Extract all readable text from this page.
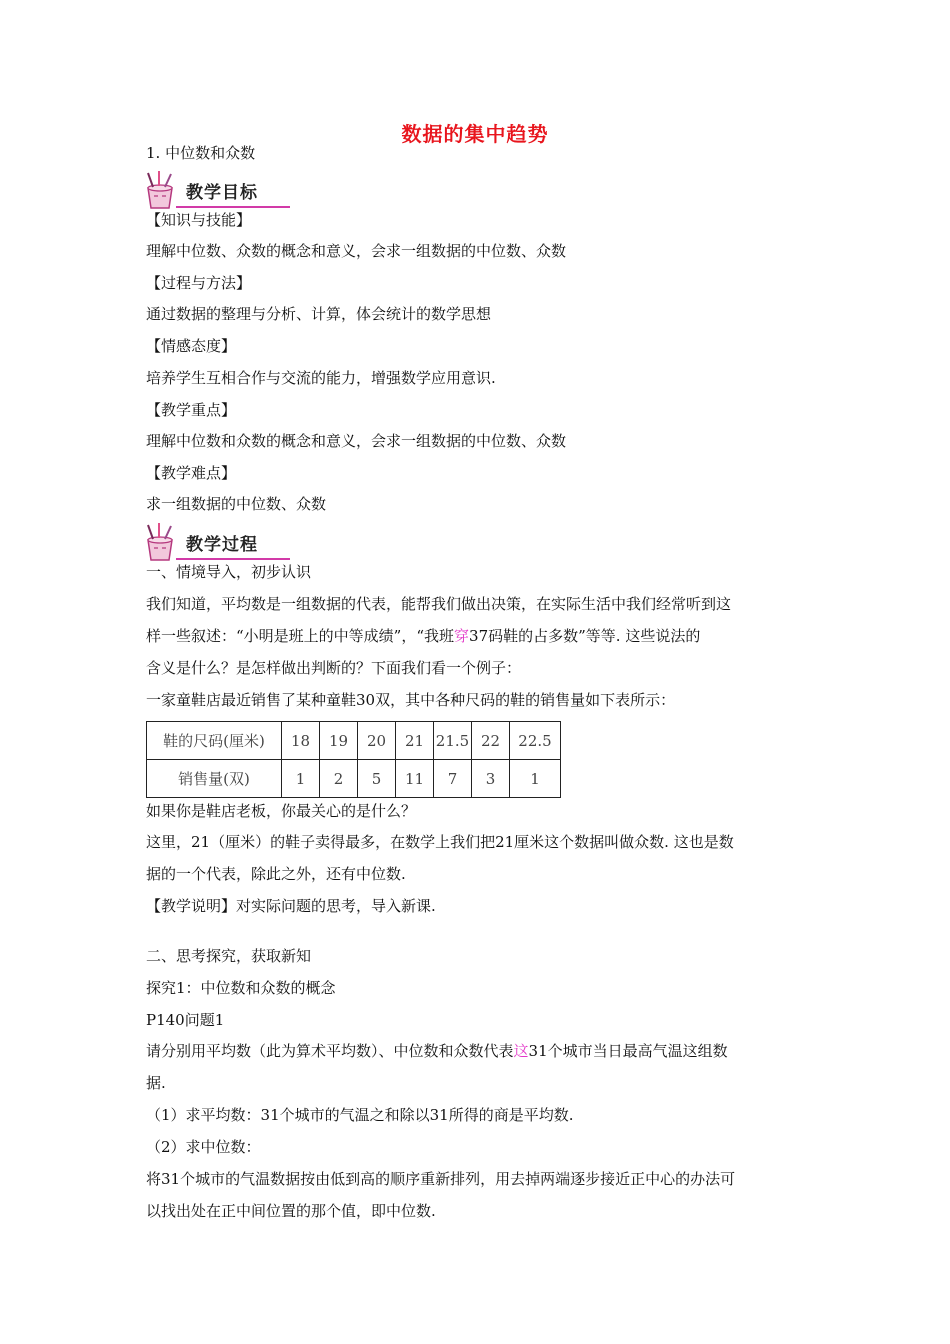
数据的集中趋势
1. 中位数和众数
教学目标
【知识与技能】
理解中位数、众数的概念和意义，会求一组数据的中位数、众数
【过程与方法】
通过数据的整理与分析、计算，体会统计的数学思想
【情感态度】
培养学生互相合作与交流的能力，增强数学应用意识.
【教学重点】
理解中位数和众数的概念和意义，会求一组数据的中位数、众数
【教学难点】
求一组数据的中位数、众数
教学过程
一、情境导入，初步认识
我们知道，平均数是一组数据的代表，能帮我们做出决策，在实际生活中我们经常听到这
样一些叙述：“小明是班上的中等成绩”，“我班穿37码鞋的占多数”等等. 这些说法的
含义是什么？是怎样做出判断的？下面我们看一个例子：
一家童鞋店最近销售了某种童鞋30双，其中各种尺码的鞋的销售量如下表所示：
鞋的尺码(厘米)	18	19	20	21	21.5	22	22.5
销售量(双)	1	2	5	11	7	3	1
如果你是鞋店老板，你最关心的是什么？
这里，21（厘米）的鞋子卖得最多，在数学上我们把21厘米这个数据叫做众数. 这也是数
据的一个代表，除此之外，还有中位数.
【教学说明】对实际问题的思考，导入新课.
二、思考探究，获取新知
探究1：中位数和众数的概念
P140问题1
请分别用平均数（此为算术平均数）、中位数和众数代表这31个城市当日最高气温这组数
据.
（1）求平均数：31个城市的气温之和除以31所得的商是平均数.
（2）求中位数：
将31个城市的气温数据按由低到高的顺序重新排列，用去掉两端逐步接近正中心的办法可
以找出处在正中间位置的那个值，即中位数.
